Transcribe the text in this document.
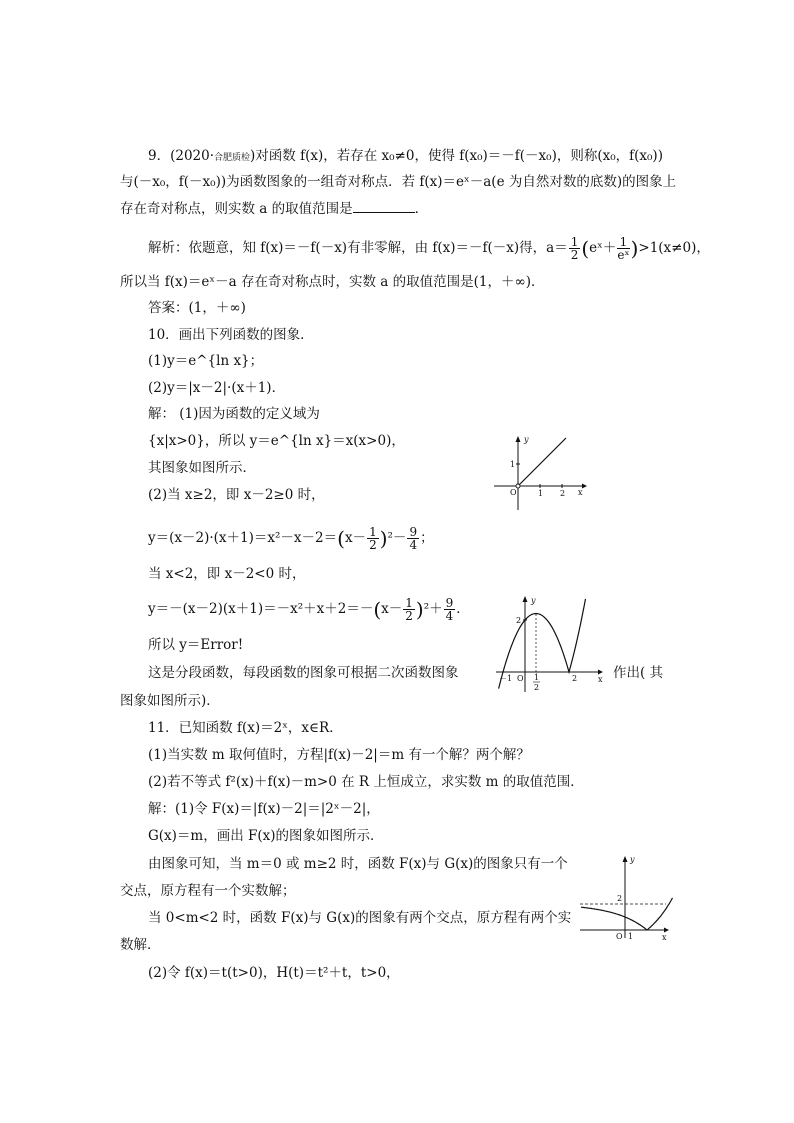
9．(2020·合肥质检)对函数 f(x)，若存在 x₀≠0，使得 f(x₀)＝－f(－x₀)，则称(x₀，f(x₀))
与(－x₀，f(－x₀))为函数图象的一组奇对称点．若 f(x)＝eˣ－a(e 为自然对数的底数)的图象上
存在奇对称点，则实数 a 的取值范围是	．
解析：依题意，知 f(x)＝－f(－x)有非零解，由 f(x)＝－f(－x)得，$a= \frac{1}{2}$ (eˣ＋ $\frac{1}{\text{eˣ}} )>1(x\ne 0)$，
所以当 f(x)＝eˣ－a 存在奇对称点时，实数 a 的取值范围是(1，＋∞)．
答案：(1，＋∞)
10．画出下列函数的图象．
(1)y＝e^{ln x}；
(2)y＝|x－2|·(x＋1)．
解： (1)因为函数的定义域为
{x|x>0}，所以 y＝e^{ln x}＝x(x>0)，
其图象如图所示．
(2)当 x≥2，即 x－2≥0 时，
$y=(x-2)\cdot(x+1)=x^2-x-2=(x- \frac{1}{2} )^2- \frac{9}{4}$ ；
当 x<2，即 x－2<0 时，
$y=-(x-2)(x+1)=-x^2+x+2=-(x- \frac{1}{2} )^2+ \frac{9}{4}$ ．
所以 y＝Error!
这是分段函数，每段函数的图象可根据二次函数图象	作出( 其
图象如图所示)．
11．已知函数 f(x)＝2ˣ，x∈R．
(1)当实数 m 取何值时，方程|f(x)－2|＝m 有一个解？两个解？
(2)若不等式 f²(x)＋f(x)－m>0 在 R 上恒成立，求实数 m 的取值范围．
解：(1)令 F(x)＝|f(x)－2|＝|2ˣ－2|，
G(x)＝m，画出 F(x)的图象如图所示．
由图象可知，当 m＝0 或 m≥2 时，函数 F(x)与 G(x)的图象只有一个
交点，原方程有一个实数解；
当 0<m<2 时，函数 F(x)与 G(x)的图象有两个交点，原方程有两个实
数解．
(2)令 f(x)＝t(t>0)，H(t)＝t²＋t，t>0，
y
x
O	1 2
1
y
x
O
－1	1
2
2
2
y
x
O 1
2
